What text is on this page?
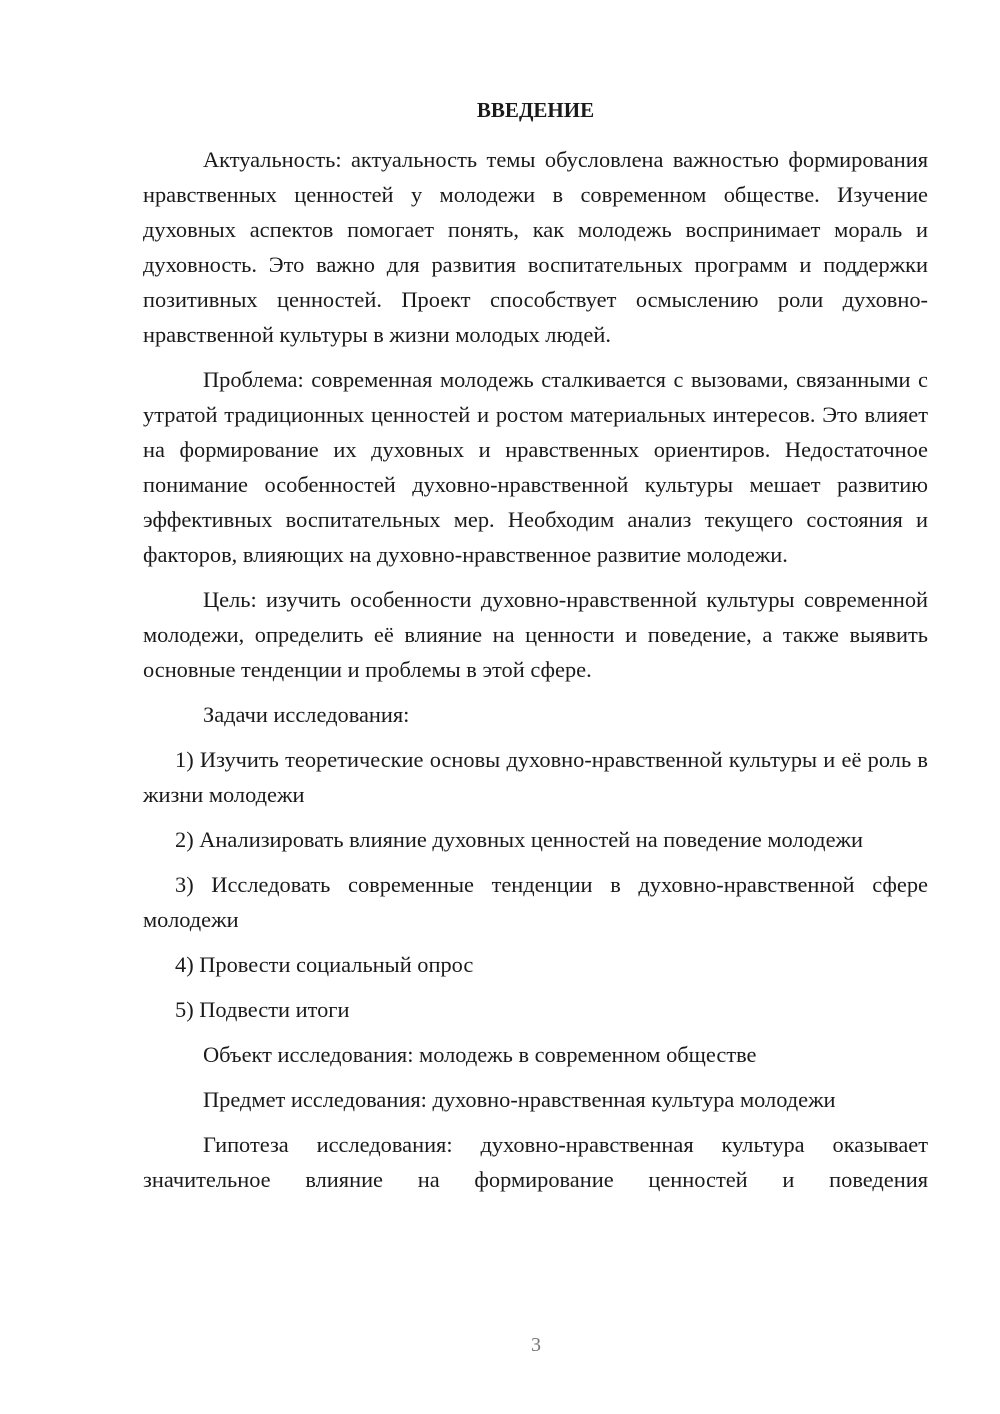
ВВЕДЕНИЕ

Актуальность: актуальность темы обусловлена важностью формирования нравственных ценностей у молодежи в современном обществе. Изучение духовных аспектов помогает понять, как молодежь воспринимает мораль и духовность. Это важно для развития воспитательных программ и поддержки позитивных ценностей. Проект способствует осмыслению роли духовно-нравственной культуры в жизни молодых людей.

Проблема: современная молодежь сталкивается с вызовами, связанными с утратой традиционных ценностей и ростом материальных интересов. Это влияет на формирование их духовных и нравственных ориентиров. Недостаточное понимание особенностей духовно-нравственной культуры мешает развитию эффективных воспитательных мер. Необходим анализ текущего состояния и факторов, влияющих на духовно-нравственное развитие молодежи.

Цель: изучить особенности духовно-нравственной культуры современной молодежи, определить её влияние на ценности и поведение, а также выявить основные тенденции и проблемы в этой сфере.

Задачи исследования:

1) Изучить теоретические основы духовно-нравственной культуры и её роль в жизни молодежи

2) Анализировать влияние духовных ценностей на поведение молодежи

3) Исследовать современные тенденции в духовно-нравственной сфере молодежи

4) Провести социальный опрос

5) Подвести итоги

Объект исследования: молодежь в современном обществе

Предмет исследования: духовно-нравственная культура молодежи

Гипотеза исследования: духовно-нравственная культура оказывает значительное влияние на формирование ценностей и поведения

3
